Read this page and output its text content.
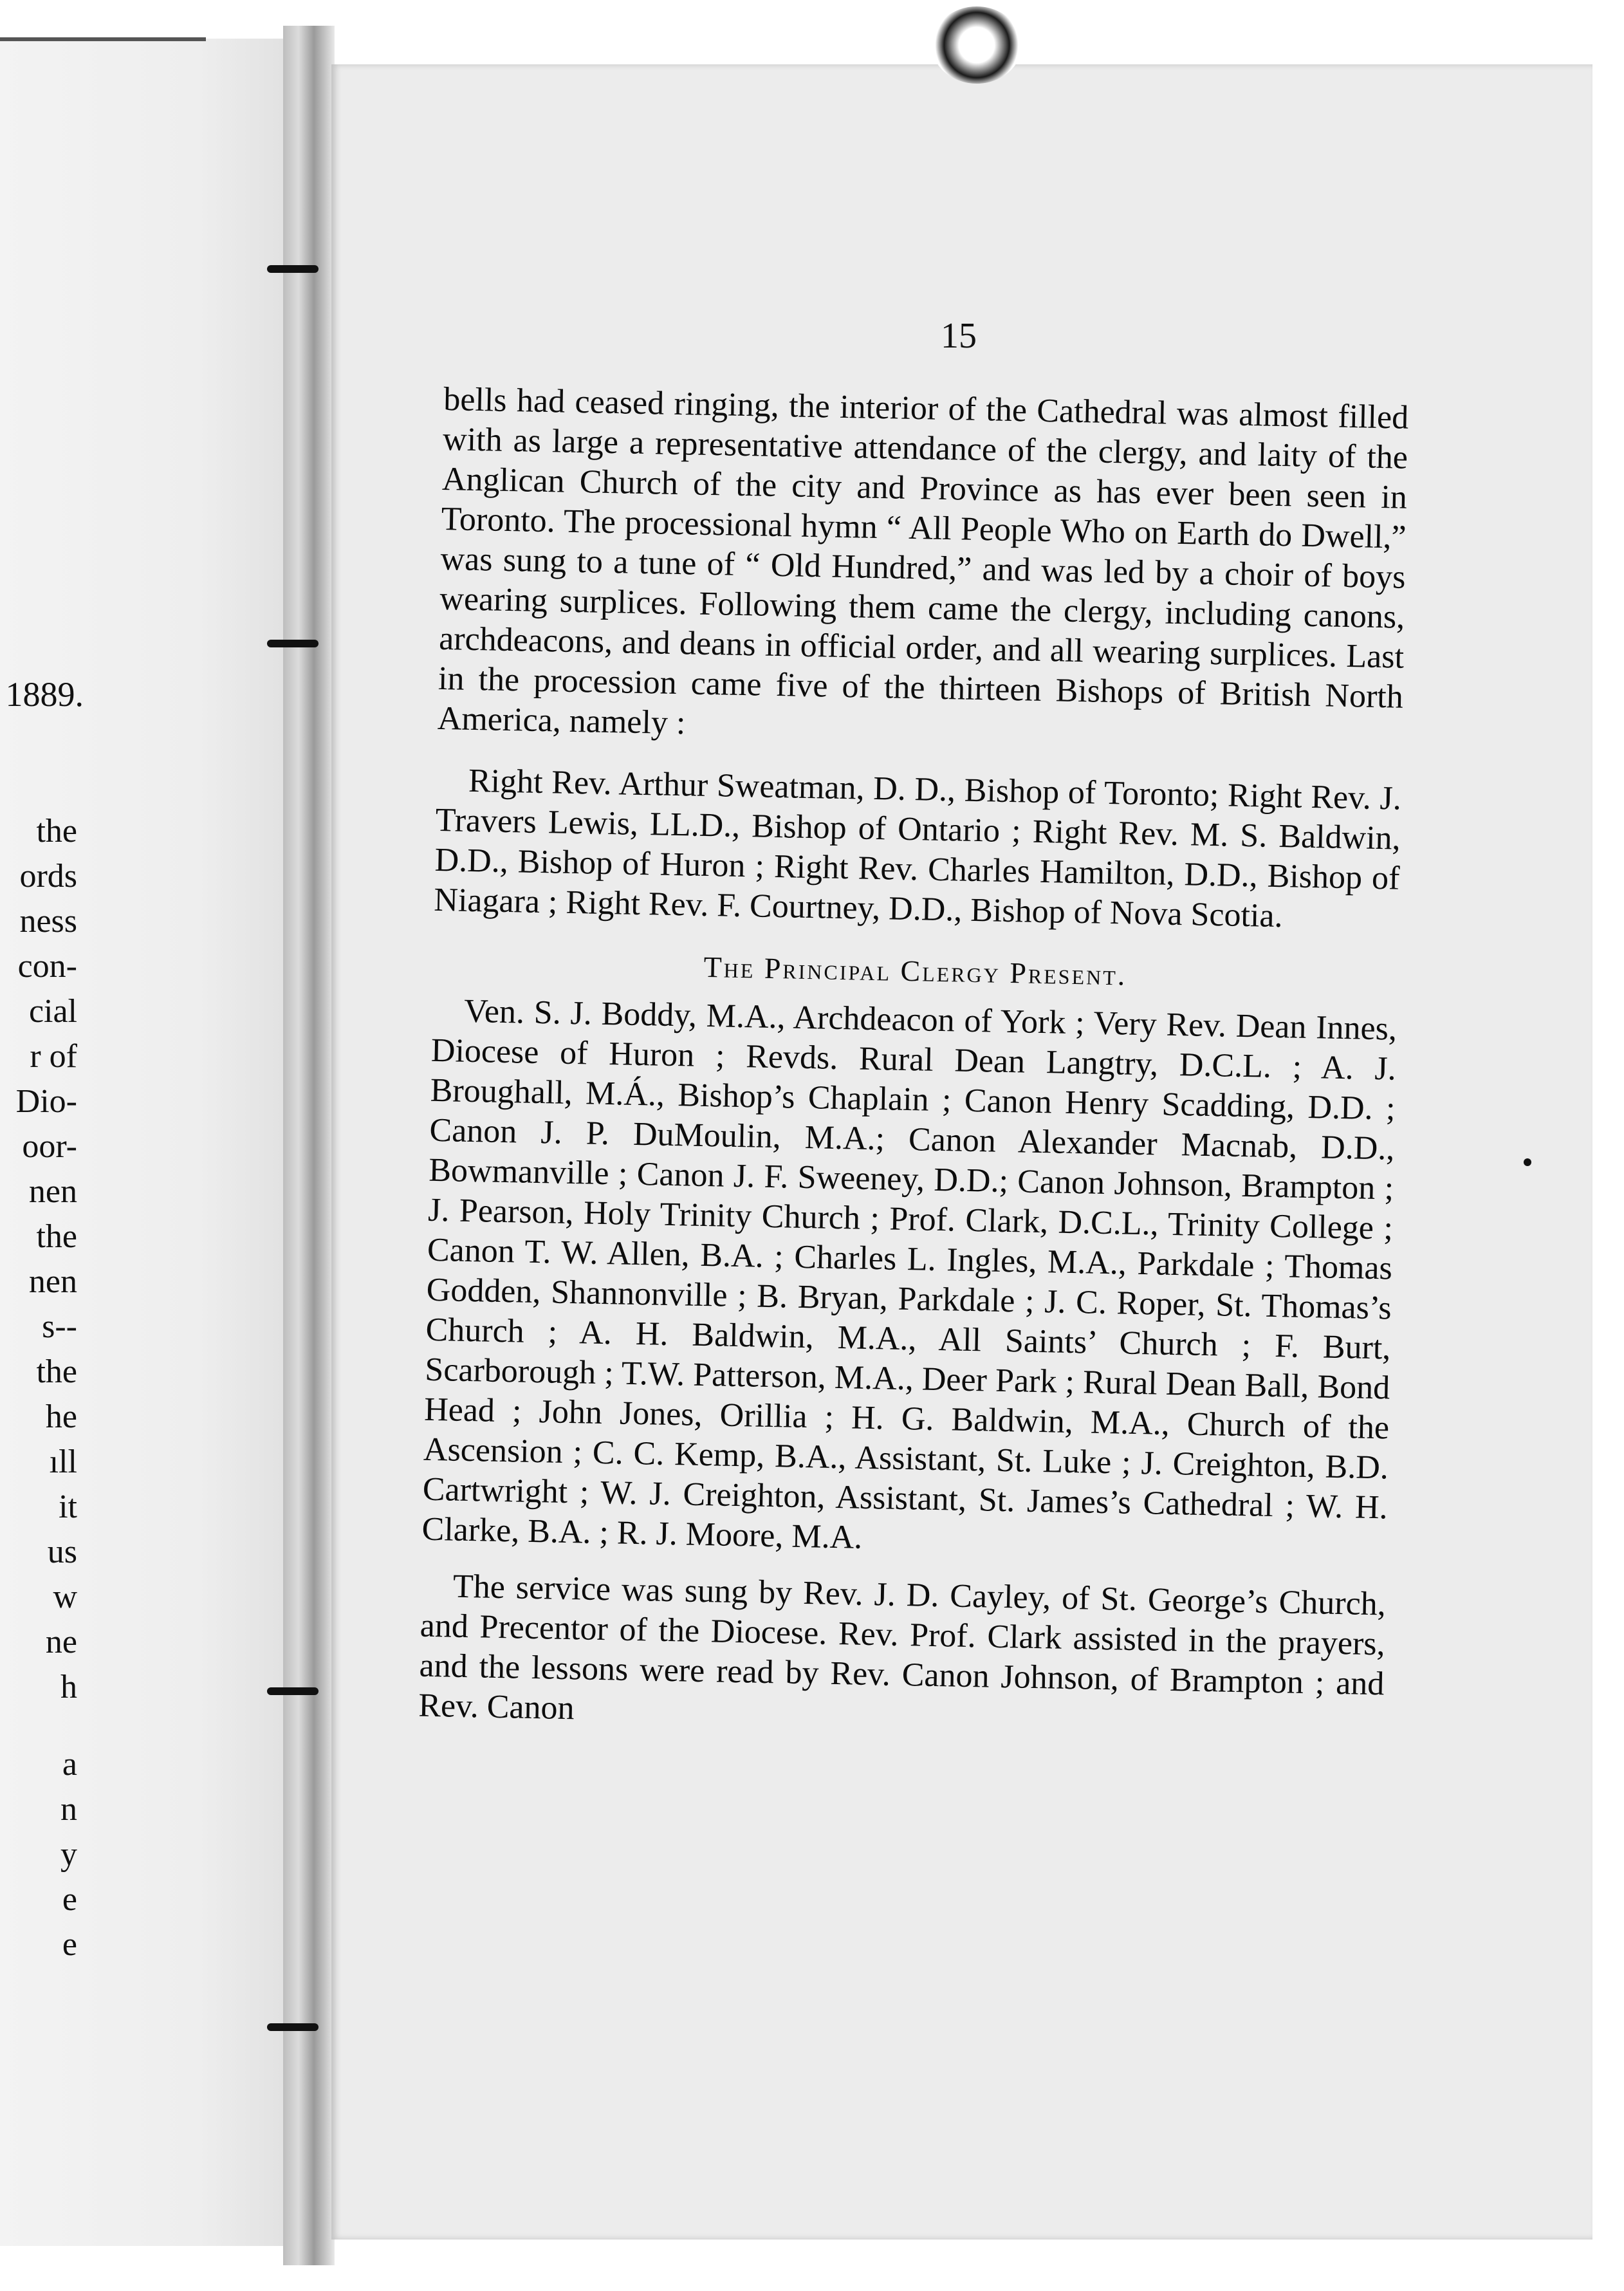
1889.
the
ords
ness
con-
cial
r of
Dio-
oor-
nen
the
nen
s--
the
he
ıll
it
us
w
ne
h
a
n
y
e
e
15

bells had ceased ringing, the interior of the Cathedral was almost filled with as large a representative attendance of the clergy, and laity of the Anglican Church of the city and Province as has ever been seen in Toronto. The processional hymn “ All People Who on Earth do Dwell,” was sung to a tune of “ Old Hundred,” and was led by a choir of boys wearing surplices. Following them came the clergy, including canons, archdeacons, and deans in official order, and all wearing surplices. Last in the procession came five of the thirteen Bishops of British North America, namely :

Right Rev. Arthur Sweatman, D. D., Bishop of Toronto; Right Rev. J. Travers Lewis, LL.D., Bishop of Ontario ; Right Rev. M. S. Baldwin, D.D., Bishop of Huron ; Right Rev. Charles Hamilton, D.D., Bishop of Niagara ; Right Rev. F. Courtney, D.D., Bishop of Nova Scotia.

The Principal Clergy Present.

Ven. S. J. Boddy, M.A., Archdeacon of York ; Very Rev. Dean Innes, Diocese of Huron ; Revds. Rural Dean Langtry, D.C.L. ; A. J. Broughall, M.Á., Bishop’s Chaplain ; Canon Henry Scadding, D.D. ; Canon J. P. DuMoulin, M.A.; Canon Alexander Macnab, D.D., Bowmanville ; Canon J. F. Sweeney, D.D.; Canon Johnson, Brampton ; J. Pearson, Holy Trinity Church ; Prof. Clark, D.C.L., Trinity College ; Canon T. W. Allen, B.A. ; Charles L. Ingles, M.A., Parkdale ; Thomas Godden, Shannonville ; B. Bryan, Parkdale ; J. C. Roper, St. Thomas’s Church ; A. H. Baldwin, M.A., All Saints’ Church ; F. Burt, Scarborough ; T.W. Patterson, M.A., Deer Park ; Rural Dean Ball, Bond Head ; John Jones, Orillia ; H. G. Baldwin, M.A., Church of the Ascension ; C. C. Kemp, B.A., Assistant, St. Luke ; J. Creighton, B.D. Cartwright ; W. J. Creighton, Assistant, St. James’s Cathedral ; W. H. Clarke, B.A. ; R. J. Moore, M.A.

The service was sung by Rev. J. D. Cayley, of St. George’s Church, and Precentor of the Diocese. Rev. Prof. Clark assisted in the prayers, and the lessons were read by Rev. Canon Johnson, of Brampton ; and Rev. Canon
